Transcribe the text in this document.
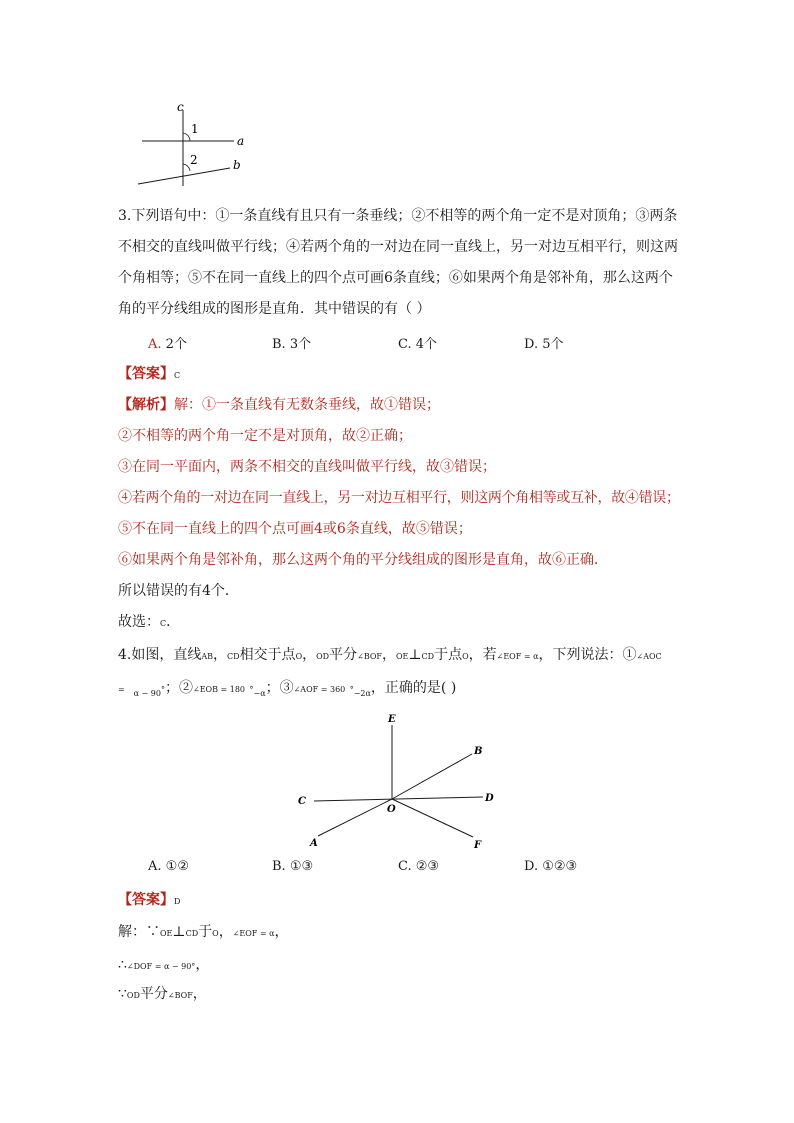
c
1
a
2	b
3.下列语句中：①一条直线有且只有一条垂线；②不相等的两个角一定不是对顶角；③两条
不相交的直线叫做平行线；④若两个角的一对边在同一直线上，另一对边互相平行，则这两
个角相等；⑤不在同一直线上的四个点可画6条直线；⑥如果两个角是邻补角，那么这两个
角的平分线组成的图形是直角．其中错误的有（ ）
A. 2个	B. 3个	C. 4个	D. 5个
【答案】C
【解析】解：①一条直线有无数条垂线，故①错误；
②不相等的两个角一定不是对顶角，故②正确；
③在同一平面内，两条不相交的直线叫做平行线，故③错误；
④若两个角的一对边在同一直线上，另一对边互相平行，则这两个角相等或互补，故④错误；
⑤不在同一直线上的四个点可画4或6条直线，故⑤错误；
⑥如果两个角是邻补角，那么这两个角的平分线组成的图形是直角，故⑥正确．
所以错误的有4个．
故选：C．
4.如图，直线AB，CD相交于点O，OD平分∠BOF，OE⊥CD于点O，若∠EOF = α，下列说法：①∠AOC
= $_{\alpha - 90}$°；②∠EOB = 180 $^\circ_{-\alpha}$；③∠AOF = 360 $^\circ_{-2\alpha}$，正确的是( )
E
B
C
O
D
A	F
A. ①②	B. ①③	C. ②③	D. ①②③
【答案】D
解：∵OE⊥CD于O，∠EOF = α，
∴∠DOF = α − 90°，
∵OD平分∠BOF，
